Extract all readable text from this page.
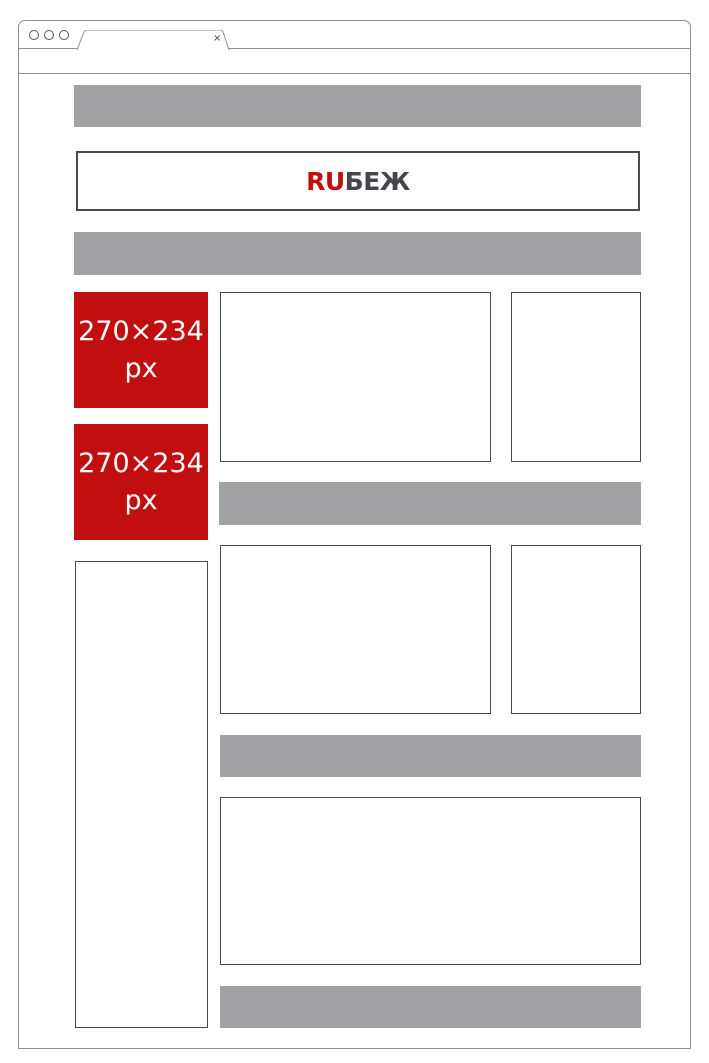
×
RUБЕЖ
270×234
px
270×234
px
